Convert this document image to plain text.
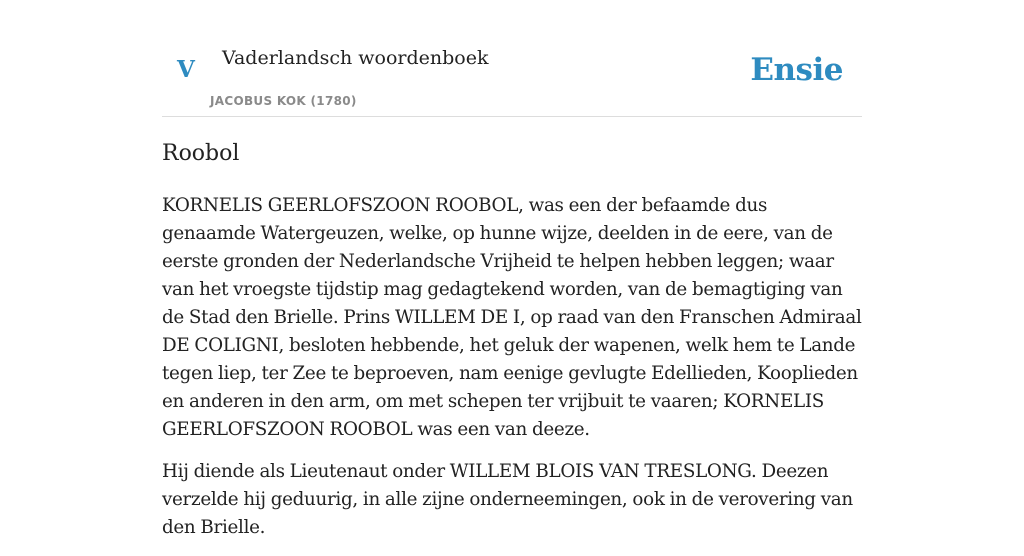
V Vaderlandsch woordenboek
JACOBUS KOK (1780)
Ensie
Roobol

KORNELIS GEERLOFSZOON ROOBOL, was een der befaamde dus genaamde Watergeuzen, welke, op hunne wijze, deelden in de eere, van de eerste gronden der Nederlandsche Vrijheid te helpen hebben leggen; waar van het vroegste tijdstip mag gedagtekend worden, van de bemagtiging van de Stad den Brielle. Prins WILLEM DE I, op raad van den Franschen Admiraal DE COLIGNI, besloten hebbende, het geluk der wapenen, welk hem te Lande tegen liep, ter Zee te beproeven, nam eenige gevlugte Edellieden, Kooplieden en anderen in den arm, om met schepen ter vrijbuit te vaaren; KORNELIS GEERLOFSZOON ROOBOL was een van deeze.

Hij diende als Lieutenaut onder WILLEM BLOIS VAN TRESLONG. Deezen verzelde hij geduurig, in alle zijne onderneemingen, ook in de verovering van den Brielle.
